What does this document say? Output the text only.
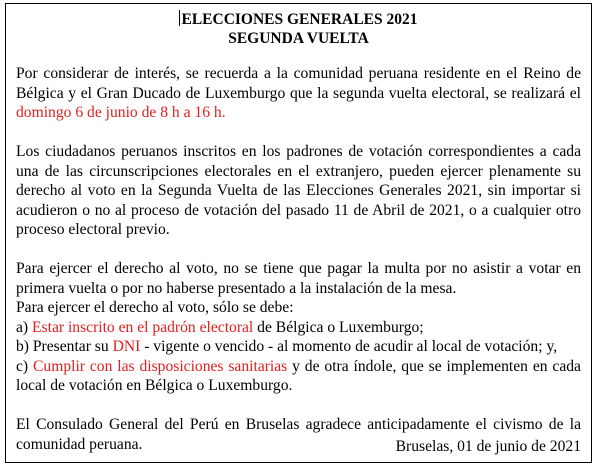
ELECCIONES GENERALES 2021

SEGUNDA VUELTA

Por considerar de interés, se recuerda a la comunidad peruana residente en el Reino de Bélgica y el Gran Ducado de Luxemburgo que la segunda vuelta electoral, se realizará el domingo 6 de junio de 8 h a 16 h.

Los ciudadanos peruanos inscritos en los padrones de votación correspondientes a cada una de las circunscripciones electorales en el extranjero, pueden ejercer plenamente su derecho al voto en la Segunda Vuelta de las Elecciones Generales 2021, sin importar si acudieron o no al proceso de votación del pasado 11 de Abril de 2021, o a cualquier otro proceso electoral previo.

Para ejercer el derecho al voto, no se tiene que pagar la multa por no asistir a votar en primera vuelta o por no haberse presentado a la instalación de la mesa.

Para ejercer el derecho al voto, sólo se debe:

a) Estar inscrito en el padrón electoral de Bélgica o Luxemburgo;

b) Presentar su DNI - vigente o vencido - al momento de acudir al local de votación; y,

c) Cumplir con las disposiciones sanitarias y de otra índole, que se implementen en cada local de votación en Bélgica o Luxemburgo.

El Consulado General del Perú en Bruselas agradece anticipadamente el civismo de la comunidad peruana.	Bruselas, 01 de junio de 2021
